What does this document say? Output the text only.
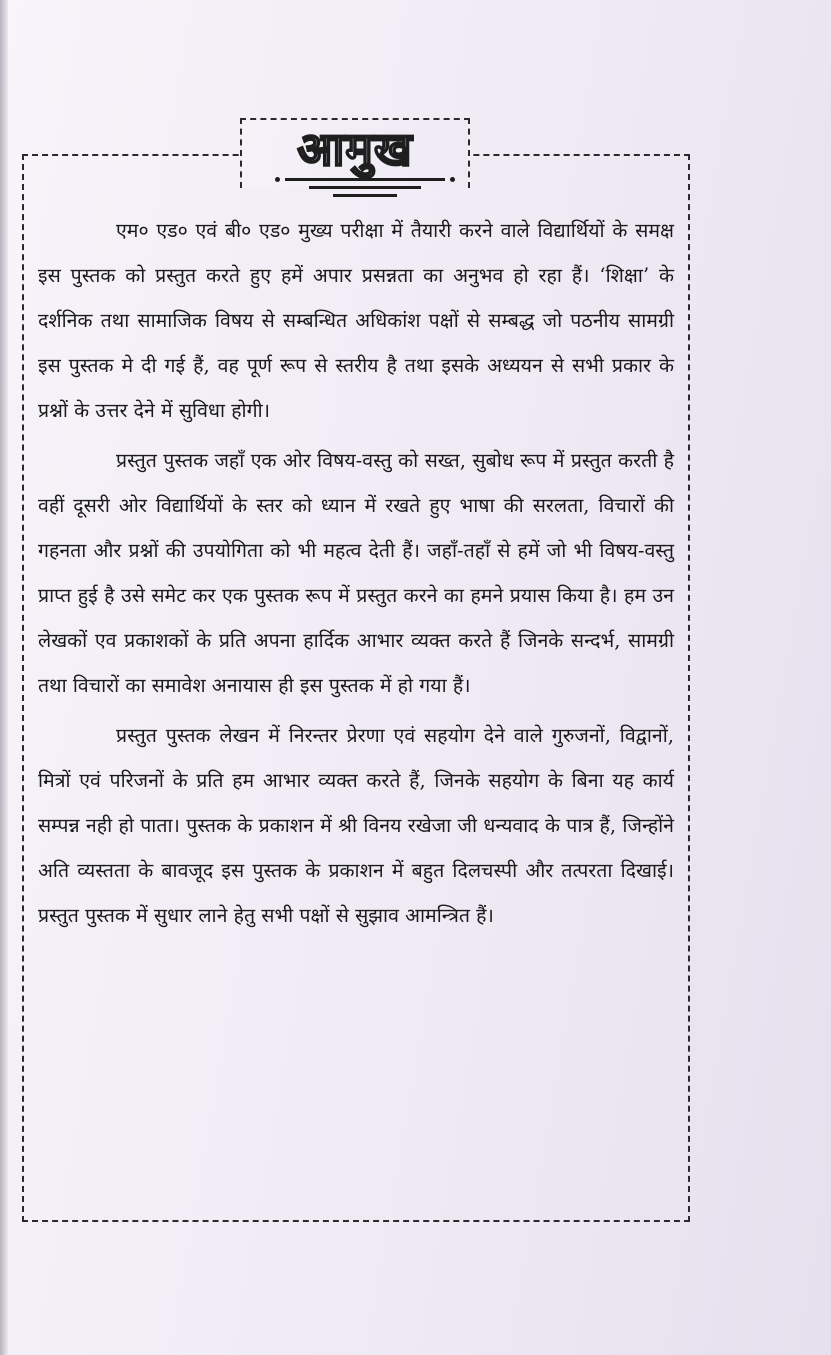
आमुख

एम० एड० एवं बी० एड० मुख्य परीक्षा में तैयारी करने वाले विद्यार्थियों के समक्ष इस पुस्तक को प्रस्तुत करते हुए हमें अपार प्रसन्नता का अनुभव हो रहा हैं। ‘शिक्षा’ के दर्शनिक तथा सामाजिक विषय से सम्बन्धित अधिकांश पक्षों से सम्बद्ध जो पठनीय सामग्री इस पुस्तक मे दी गई हैं, वह पूर्ण रूप से स्तरीय है तथा इसके अध्ययन से सभी प्रकार के प्रश्नों के उत्तर देने में सुविधा होगी।

प्रस्तुत पुस्तक जहाँ एक ओर विषय-वस्तु को सख्त, सुबोध रूप में प्रस्तुत करती है वहीं दूसरी ओर विद्यार्थियों के स्तर को ध्यान में रखते हुए भाषा की सरलता, विचारों की गहनता और प्रश्नों की उपयोगिता को भी महत्व देती हैं। जहाँ-तहाँ से हमें जो भी विषय-वस्तु प्राप्त हुई है उसे समेट कर एक पुस्तक रूप में प्रस्तुत करने का हमने प्रयास किया है। हम उन लेखकों एव प्रकाशकों के प्रति अपना हार्दिक आभार व्यक्त करते हैं जिनके सन्दर्भ, सामग्री तथा विचारों का समावेश अनायास ही इस पुस्तक में हो गया हैं।

प्रस्तुत पुस्तक लेखन में निरन्तर प्रेरणा एवं सहयोग देने वाले गुरुजनों, विद्वानों, मित्रों एवं परिजनों के प्रति हम आभार व्यक्त करते हैं, जिनके सहयोग के बिना यह कार्य सम्पन्न नही हो पाता। पुस्तक के प्रकाशन में श्री विनय रखेजा जी धन्यवाद के पात्र हैं, जिन्होंने अति व्यस्तता के बावजूद इस पुस्तक के प्रकाशन में बहुत दिलचस्पी और तत्परता दिखाई। प्रस्तुत पुस्तक में सुधार लाने हेतु सभी पक्षों से सुझाव आमन्त्रित हैं।
